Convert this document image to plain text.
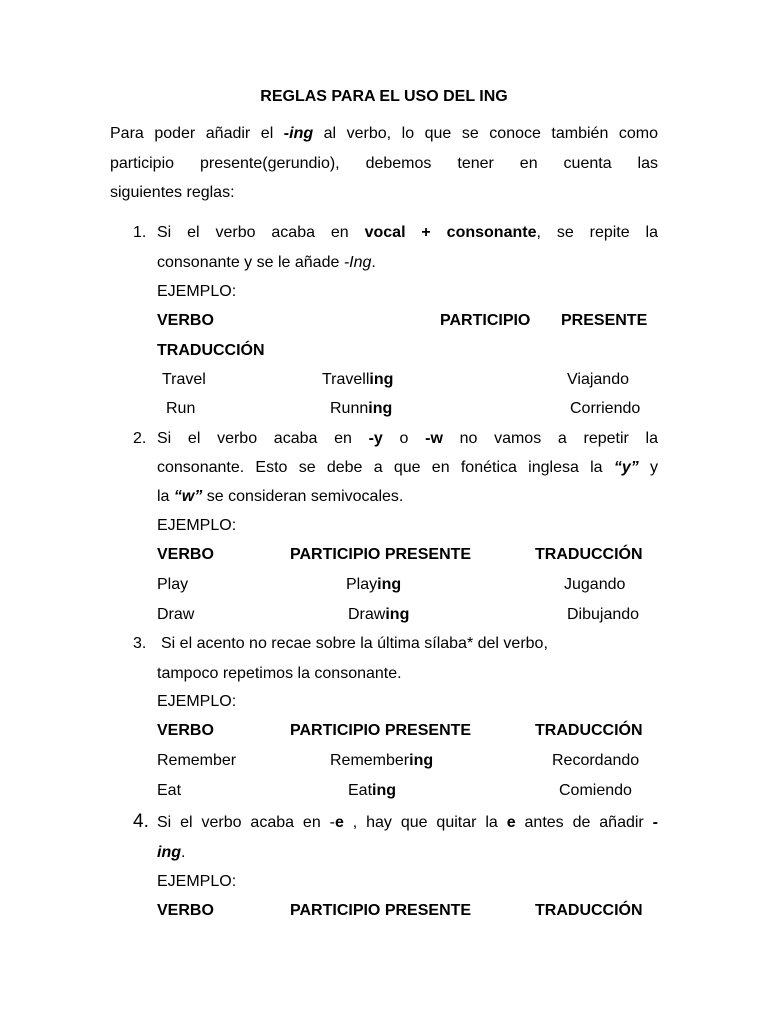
REGLAS PARA EL USO DEL ING
Para poder añadir el -ing al verbo, lo que se conoce también como
participio presente(gerundio), debemos tener en cuenta las
siguientes reglas:
1. Si el verbo acaba en vocal + consonante, se repite la
consonante y se le añade -Ing.
EJEMPLO:
VERBO	PARTICIPIO PRESENTE
TRADUCCIÓN
Travel	Travelling	Viajando
Run	Running	Corriendo
2. Si el verbo acaba en -y o -w no vamos a repetir la
consonante. Esto se debe a que en fonética inglesa la “y” y
la “w” se consideran semivocales.
EJEMPLO:
VERBO	PARTICIPIO PRESENTE	TRADUCCIÓN
Play	Playing	Jugando
Draw	Drawing	Dibujando
3. Si el acento no recae sobre la última sílaba* del verbo,
tampoco repetimos la consonante.
EJEMPLO:
VERBO	PARTICIPIO PRESENTE	TRADUCCIÓN
Remember	Remembering	Recordando
Eat	Eating	Comiendo
4. Si el verbo acaba en -e , hay que quitar la e antes de añadir -
ing.
EJEMPLO:
VERBO	PARTICIPIO PRESENTE	TRADUCCIÓN
